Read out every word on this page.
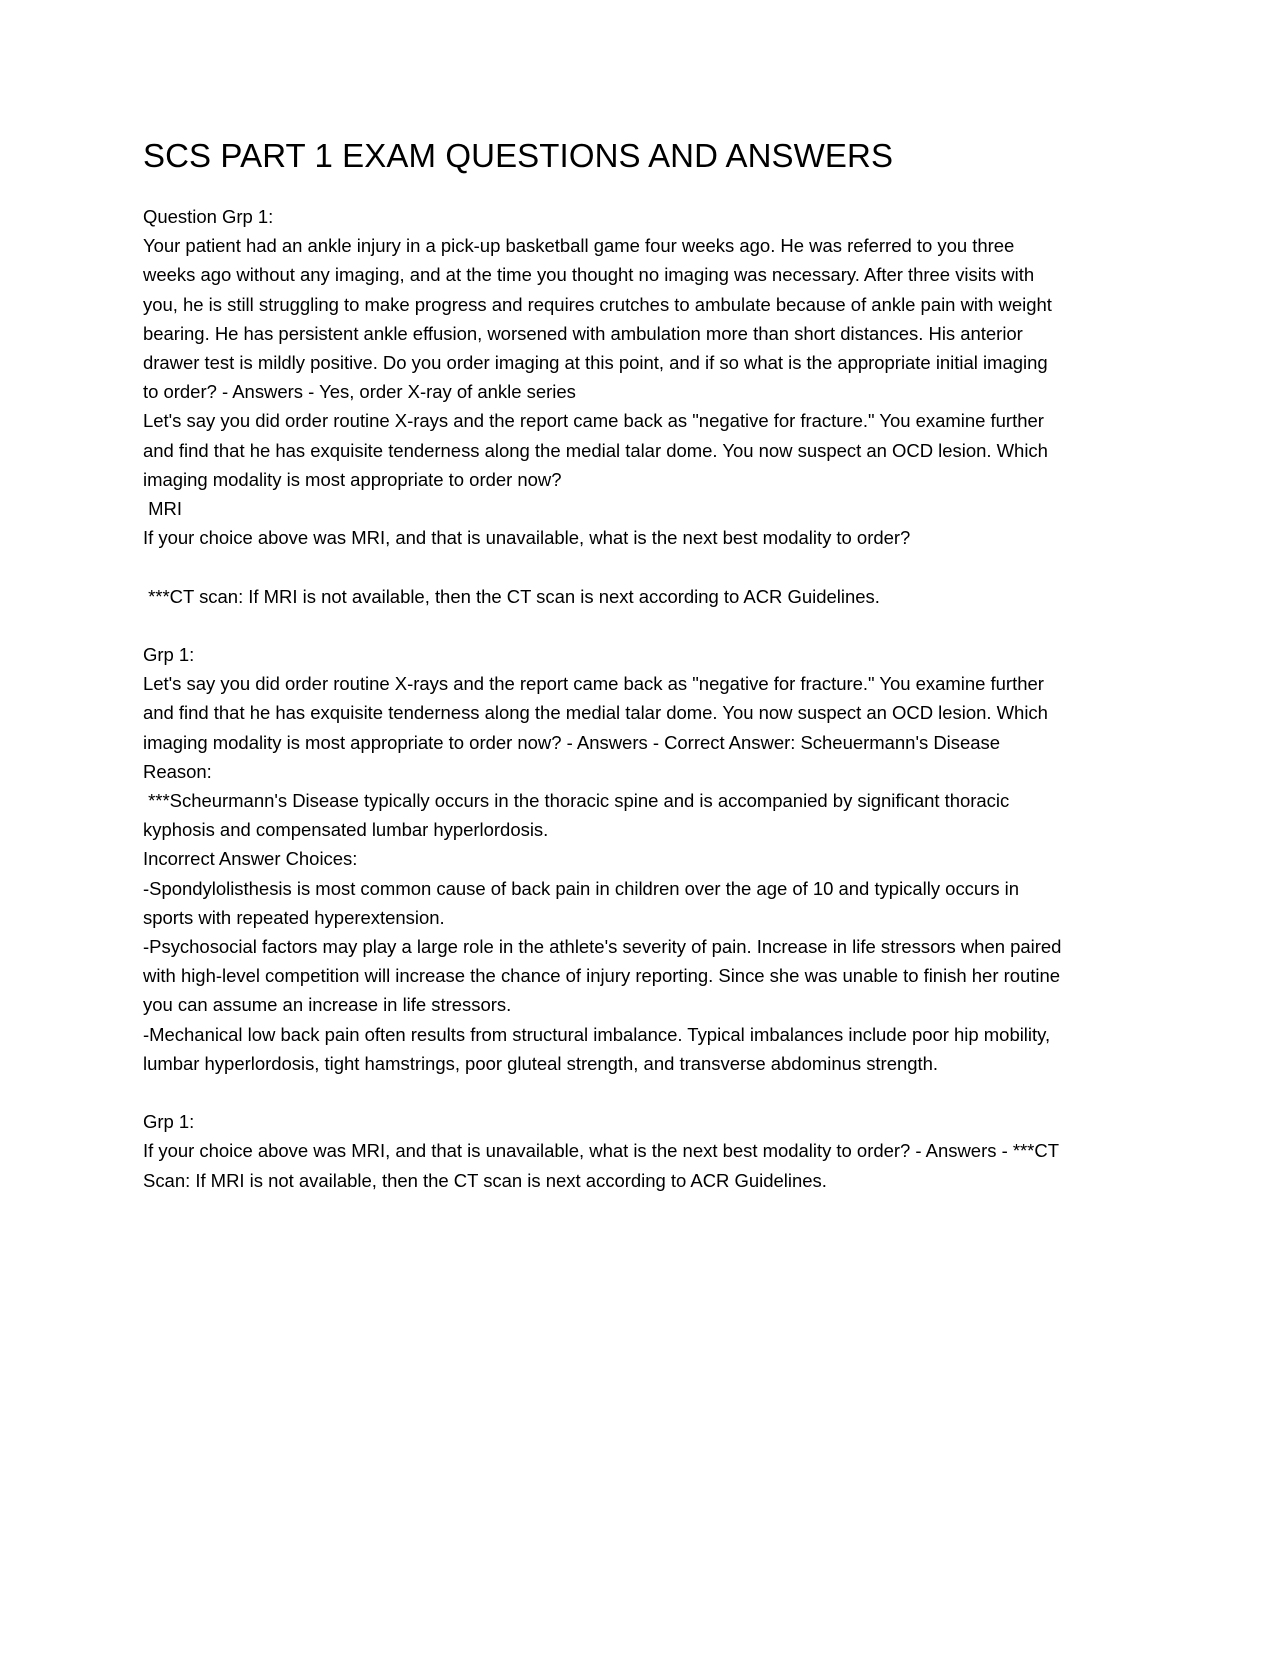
SCS PART 1 EXAM QUESTIONS AND ANSWERS

Question Grp 1:

Your patient had an ankle injury in a pick-up basketball game four weeks ago. He was referred to you three weeks ago without any imaging, and at the time you thought no imaging was necessary. After three visits with you, he is still struggling to make progress and requires crutches to ambulate because of ankle pain with weight bearing. He has persistent ankle effusion, worsened with ambulation more than short distances. His anterior drawer test is mildly positive. Do you order imaging at this point, and if so what is the appropriate initial imaging to order? - Answers - Yes, order X-ray of ankle series

Let's say you did order routine X-rays and the report came back as "negative for fracture." You examine further and find that he has exquisite tenderness along the medial talar dome. You now suspect an OCD lesion. Which imaging modality is most appropriate to order now?

MRI

If your choice above was MRI, and that is unavailable, what is the next best modality to order?

***CT scan: If MRI is not available, then the CT scan is next according to ACR Guidelines.

Grp 1:

Let's say you did order routine X-rays and the report came back as "negative for fracture." You examine further and find that he has exquisite tenderness along the medial talar dome. You now suspect an OCD lesion. Which imaging modality is most appropriate to order now? - Answers - Correct Answer: Scheuermann's Disease

Reason:

***Scheurmann's Disease typically occurs in the thoracic spine and is accompanied by significant thoracic kyphosis and compensated lumbar hyperlordosis.

Incorrect Answer Choices:

-Spondylolisthesis is most common cause of back pain in children over the age of 10 and typically occurs in sports with repeated hyperextension.

-Psychosocial factors may play a large role in the athlete's severity of pain. Increase in life stressors when paired with high-level competition will increase the chance of injury reporting. Since she was unable to finish her routine you can assume an increase in life stressors.

-Mechanical low back pain often results from structural imbalance. Typical imbalances include poor hip mobility, lumbar hyperlordosis, tight hamstrings, poor gluteal strength, and transverse abdominus strength.

Grp 1:

If your choice above was MRI, and that is unavailable, what is the next best modality to order? - Answers - ***CT Scan: If MRI is not available, then the CT scan is next according to ACR Guidelines.
